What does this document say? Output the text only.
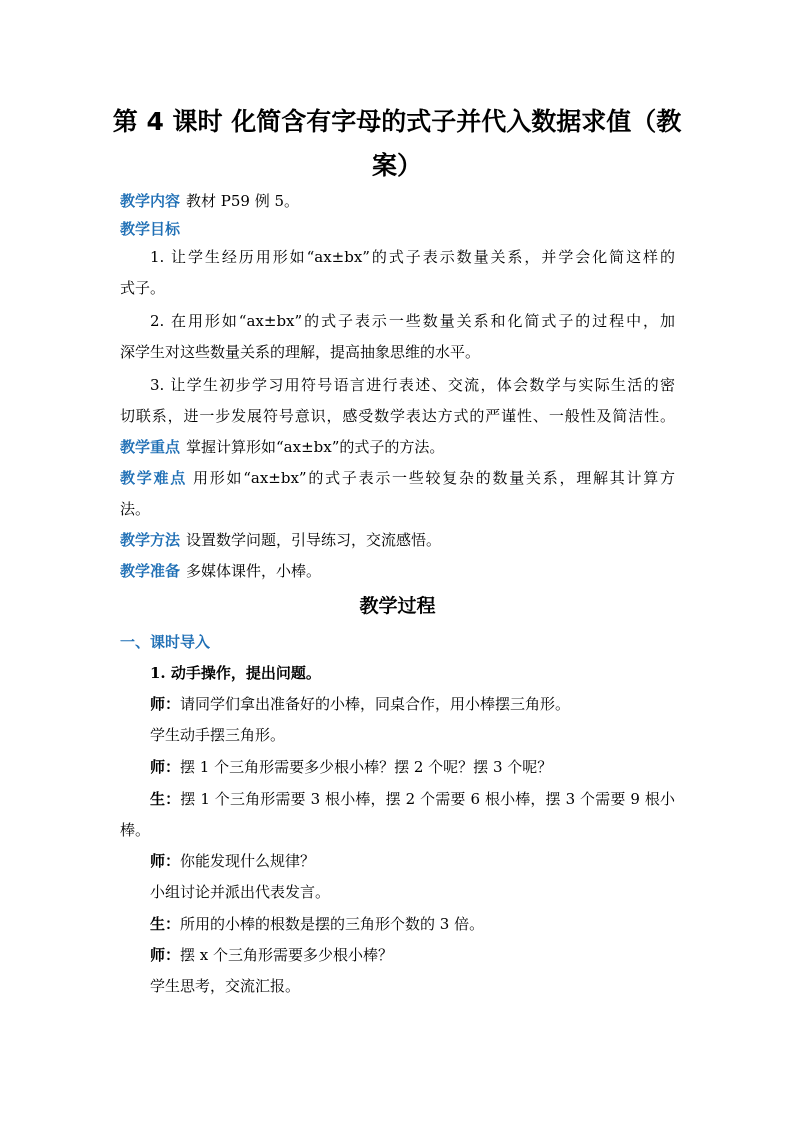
第 4 课时 化简含有字母的式子并代入数据求值（教
案）
教学内容 教材 P59 例 5。
教学目标
1. 让学生经历用形如“ax±bx”的式子表示数量关系，并学会化简这样的
式子。
2. 在用形如“ax±bx”的式子表示一些数量关系和化简式子的过程中，加
深学生对这些数量关系的理解，提高抽象思维的水平。
3. 让学生初步学习用符号语言进行表述、交流，体会数学与实际生活的密
切联系，进一步发展符号意识，感受数学表达方式的严谨性、一般性及简洁性。
教学重点 掌握计算形如“ax±bx”的式子的方法。
教学难点 用形如“ax±bx”的式子表示一些较复杂的数量关系，理解其计算方
法。
教学方法 设置数学问题，引导练习，交流感悟。
教学准备 多媒体课件，小棒。
教学过程
一、课时导入
1. 动手操作，提出问题。
师：请同学们拿出准备好的小棒，同桌合作，用小棒摆三角形。
学生动手摆三角形。
师：摆 1 个三角形需要多少根小棒？摆 2 个呢？摆 3 个呢？
生：摆 1 个三角形需要 3 根小棒，摆 2 个需要 6 根小棒，摆 3 个需要 9 根小
棒。
师：你能发现什么规律？
小组讨论并派出代表发言。
生：所用的小棒的根数是摆的三角形个数的 3 倍。
师：摆 x 个三角形需要多少根小棒？
学生思考，交流汇报。
